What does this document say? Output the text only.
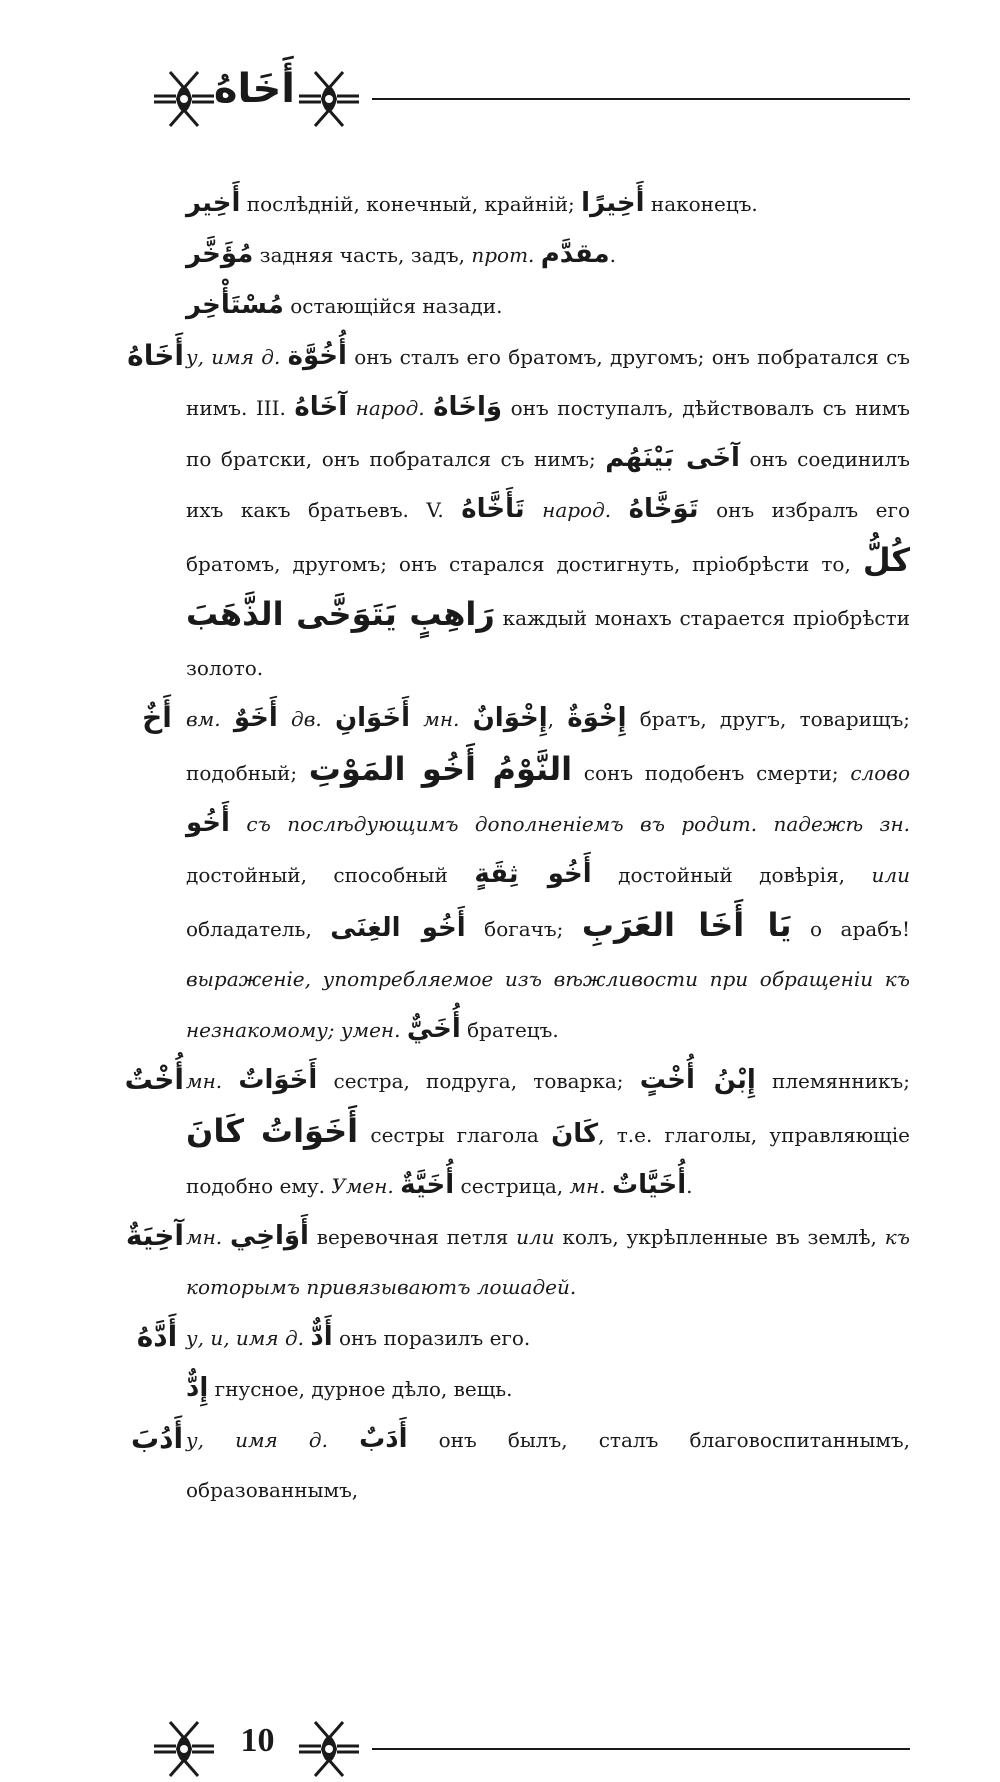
أَخَاهُ

أَخِير послѣдній, конечный, крайній; أَخِيرًا наконецъ.

مُؤَخَّر задняя часть, задъ, прот. مقدَّم.

مُسْتَأْخِر остающійся назади.

أَخَاهُ у, имя д. أُخُوَّة онъ сталъ его братомъ, другомъ; онъ побратался съ нимъ. III. آخَاهُ народ. وَاخَاهُ онъ поступалъ, дѣйствовалъ съ нимъ по братски, онъ побратался съ нимъ; آخَى بَيْنَهُم онъ соединилъ ихъ какъ братьевъ. V. تَأَخَّاهُ народ. تَوَخَّاهُ онъ избралъ его братомъ, другомъ; онъ старался достигнуть, пріобрѣсти то, كُلُّ رَاهِبٍ يَتَوَخَّى الذَّهَبَ каждый монахъ старается пріобрѣсти золото.

أَخٌ вм. أَخَوٌ дв. أَخَوَانِ мн. إِخْوَانٌ, إِخْوَةٌ братъ, другъ, товарищъ; подобный; النَّوْمُ أَخُو المَوْتِ сонъ подобенъ смерти; слово أَخُو съ послѣдующимъ дополненіемъ въ родит. падежѣ зн. достойный, способный أَخُو ثِقَةٍ достойный довѣрія, или обладатель, أَخُو الغِنَى богачъ; يَا أَخَا العَرَبِ о арабъ! выраженіе, употребляемое изъ вѣжливости при обращеніи къ незнакомому; умен. أُخَيٌّ братецъ.

أُخْتٌ мн. أَخَوَاتٌ сестра, подруга, товарка; إِبْنُ أُخْتٍ племянникъ; أَخَوَاتُ كَانَ сестры глагола كَانَ, т.е. глаголы, управляющіе подобно ему. Умен. أُخَيَّةٌ сестрица, мн. أُخَيَّاتٌ.

آخِيَةٌ мн. أَوَاخِي веревочная петля или колъ, укрѣпленные въ землѣ, къ которымъ привязываютъ лошадей.

أَدَّهُ у, и, имя д. أَدٌّ онъ поразилъ его.

إِدٌّ гнусное, дурное дѣло, вещь.

أَدُبَ у, имя д. أَدَبٌ онъ былъ, сталъ благовоспитаннымъ, образованнымъ,

10
